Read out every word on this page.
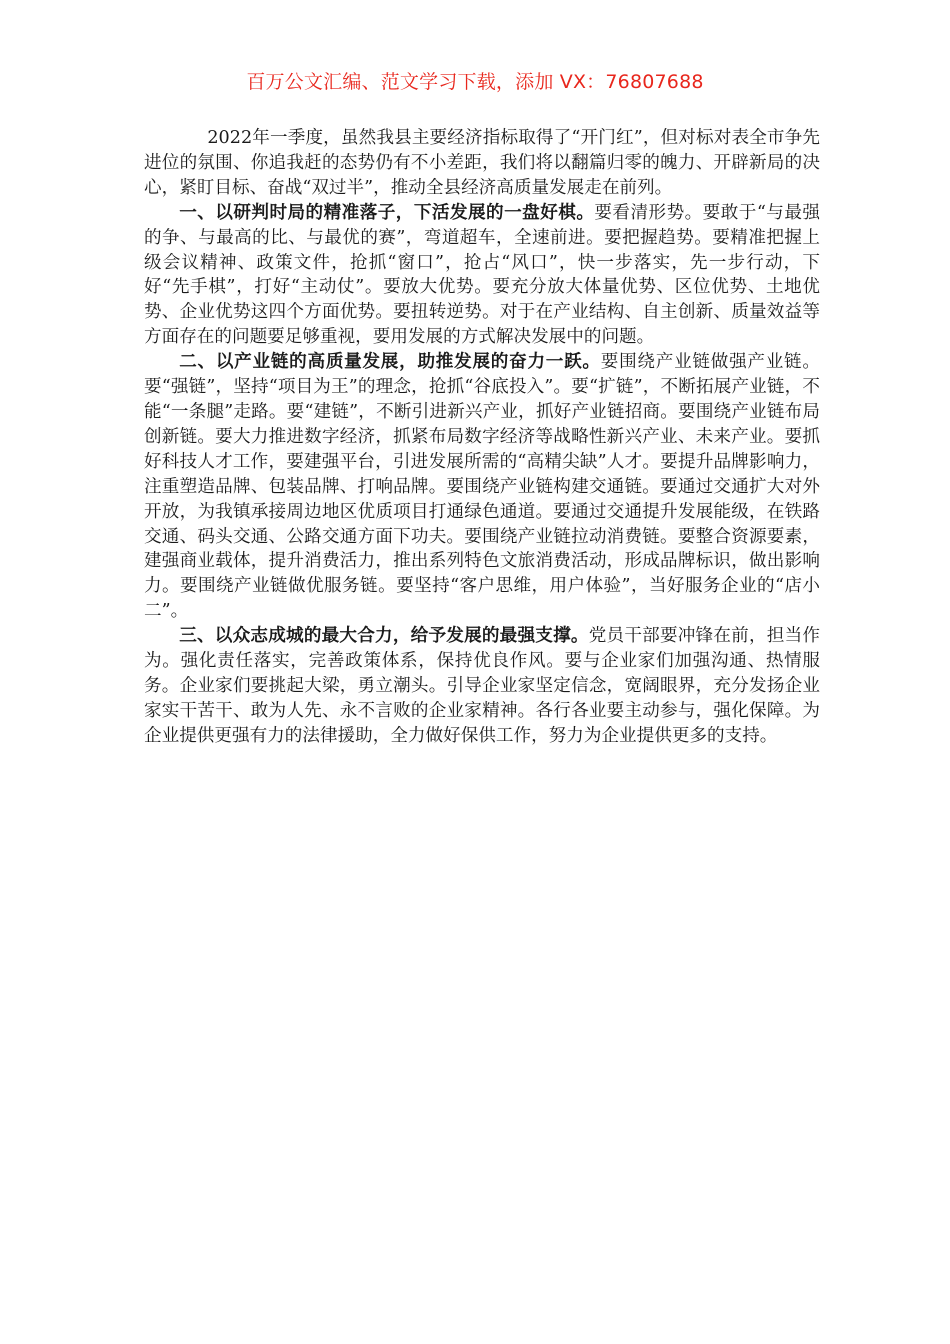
百万公文汇编、范文学习下载，添加 VX：76807688

2022年一季度，虽然我县主要经济指标取得了“开门红”，但对标对表全市争先进位的氛围、你追我赶的态势仍有不小差距，我们将以翻篇归零的魄力、开辟新局的决心，紧盯目标、奋战“双过半”，推动全县经济高质量发展走在前列。

一、以研判时局的精准落子，下活发展的一盘好棋。要看清形势。要敢于“与最强的争、与最高的比、与最优的赛”，弯道超车，全速前进。要把握趋势。要精准把握上级会议精神、政策文件，抢抓“窗口”，抢占“风口”，快一步落实，先一步行动，下好“先手棋”，打好“主动仗”。要放大优势。要充分放大体量优势、区位优势、土地优势、企业优势这四个方面优势。要扭转逆势。对于在产业结构、自主创新、质量效益等方面存在的问题要足够重视，要用发展的方式解决发展中的问题。

二、以产业链的高质量发展，助推发展的奋力一跃。要围绕产业链做强产业链。要“强链”，坚持“项目为王”的理念，抢抓“谷底投入”。要“扩链”，不断拓展产业链，不能“一条腿”走路。要“建链”，不断引进新兴产业，抓好产业链招商。要围绕产业链布局创新链。要大力推进数字经济，抓紧布局数字经济等战略性新兴产业、未来产业。要抓好科技人才工作，要建强平台，引进发展所需的“高精尖缺”人才。要提升品牌影响力，注重塑造品牌、包装品牌、打响品牌。要围绕产业链构建交通链。要通过交通扩大对外开放，为我镇承接周边地区优质项目打通绿色通道。要通过交通提升发展能级，在铁路交通、码头交通、公路交通方面下功夫。要围绕产业链拉动消费链。要整合资源要素，建强商业载体，提升消费活力，推出系列特色文旅消费活动，形成品牌标识，做出影响力。要围绕产业链做优服务链。要坚持“客户思维，用户体验”，当好服务企业的“店小二”。

三、以众志成城的最大合力，给予发展的最强支撑。党员干部要冲锋在前，担当作为。强化责任落实，完善政策体系，保持优良作风。要与企业家们加强沟通、热情服务。企业家们要挑起大梁，勇立潮头。引导企业家坚定信念，宽阔眼界，充分发扬企业家实干苦干、敢为人先、永不言败的企业家精神。各行各业要主动参与，强化保障。为企业提供更强有力的法律援助，全力做好保供工作，努力为企业提供更多的支持。
